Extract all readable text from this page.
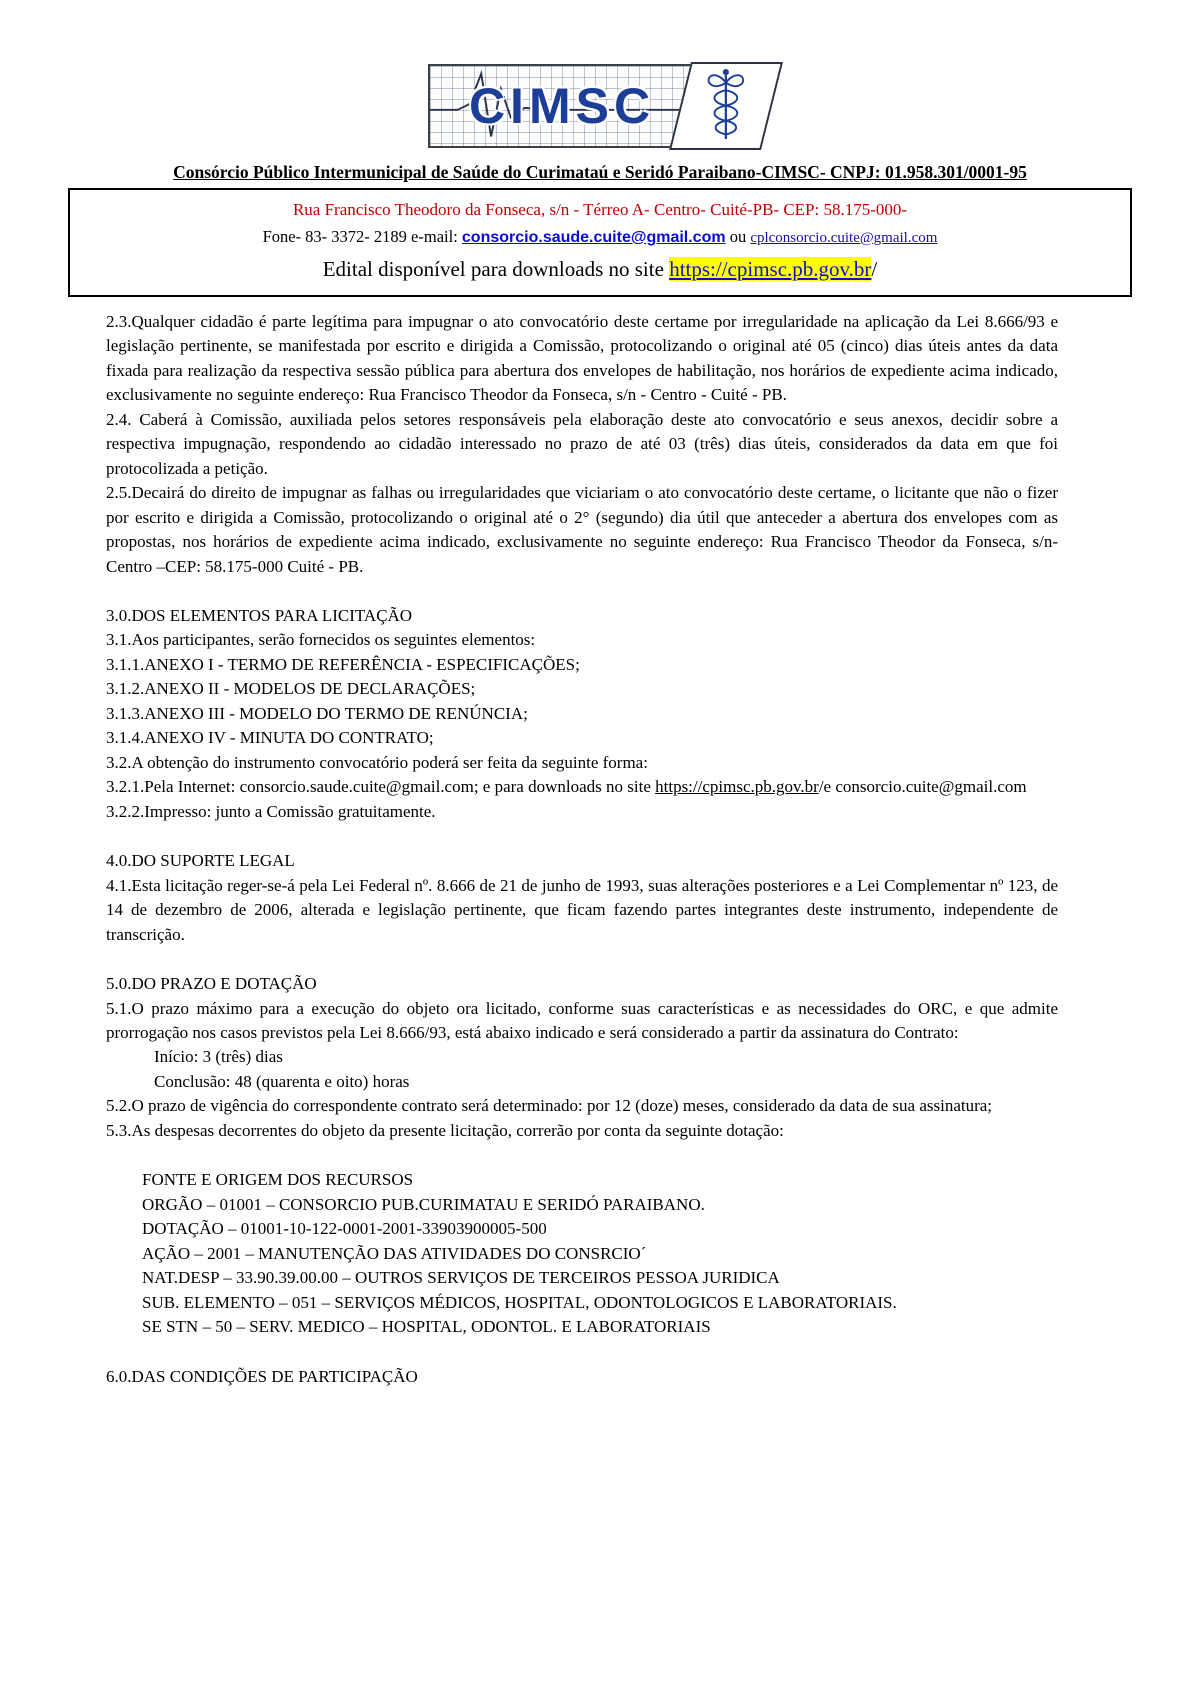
CIMSC
Consórcio Público Intermunicipal de Saúde do Curimataú e Seridó Paraibano-CIMSC- CNPJ: 01.958.301/0001-95
Rua Francisco Theodoro da Fonseca, s/n - Térreo A- Centro- Cuité-PB- CEP: 58.175-000-
Fone- 83- 3372- 2189 e-mail: consorcio.saude.cuite@gmail.com ou cplconsorcio.cuite@gmail.com
Edital disponível para downloads no site https://cpimsc.pb.gov.br/

2.3.Qualquer cidadão é parte legítima para impugnar o ato convocatório deste certame por irregularidade na aplicação da Lei 8.666/93 e legislação pertinente, se manifestada por escrito e dirigida a Comissão, protocolizando o original até 05 (cinco) dias úteis antes da data fixada para realização da respectiva sessão pública para abertura dos envelopes de habilitação, nos horários de expediente acima indicado, exclusivamente no seguinte endereço: Rua Francisco Theodor da Fonseca, s/n - Centro - Cuité - PB.

2.4. Caberá à Comissão, auxiliada pelos setores responsáveis pela elaboração deste ato convocatório e seus anexos, decidir sobre a respectiva impugnação, respondendo ao cidadão interessado no prazo de até 03 (três) dias úteis, considerados da data em que foi protocolizada a petição.

2.5.Decairá do direito de impugnar as falhas ou irregularidades que viciariam o ato convocatório deste certame, o licitante que não o fizer por escrito e dirigida a Comissão, protocolizando o original até o 2° (segundo) dia útil que anteceder a abertura dos envelopes com as propostas, nos horários de expediente acima indicado, exclusivamente no seguinte endereço: Rua Francisco Theodor da Fonseca, s/n- Centro –CEP: 58.175-000 Cuité - PB.

3.0.DOS ELEMENTOS PARA LICITAÇÃO

3.1.Aos participantes, serão fornecidos os seguintes elementos:

3.1.1.ANEXO I - TERMO DE REFERÊNCIA - ESPECIFICAÇÕES;

3.1.2.ANEXO II - MODELOS DE DECLARAÇÕES;

3.1.3.ANEXO III - MODELO DO TERMO DE RENÚNCIA;

3.1.4.ANEXO IV - MINUTA DO CONTRATO;

3.2.A obtenção do instrumento convocatório poderá ser feita da seguinte forma:

3.2.1.Pela Internet: consorcio.saude.cuite@gmail.com; e para downloads no site https://cpimsc.pb.gov.br/e consorcio.cuite@gmail.com

3.2.2.Impresso: junto a Comissão gratuitamente.

4.0.DO SUPORTE LEGAL

4.1.Esta licitação reger-se-á pela Lei Federal nº. 8.666 de 21 de junho de 1993, suas alterações posteriores e a Lei Complementar nº 123, de 14 de dezembro de 2006, alterada e legislação pertinente, que ficam fazendo partes integrantes deste instrumento, independente de transcrição.

5.0.DO PRAZO E DOTAÇÃO

5.1.O prazo máximo para a execução do objeto ora licitado, conforme suas características e as necessidades do ORC, e que admite prorrogação nos casos previstos pela Lei 8.666/93, está abaixo indicado e será considerado a partir da assinatura do Contrato:

Início: 3 (três) dias

Conclusão: 48 (quarenta e oito) horas

5.2.O prazo de vigência do correspondente contrato será determinado: por 12 (doze) meses, considerado da data de sua assinatura;

5.3.As despesas decorrentes do objeto da presente licitação, correrão por conta da seguinte dotação:

FONTE E ORIGEM DOS RECURSOS

ORGÃO – 01001 – CONSORCIO PUB.CURIMATAU E SERIDÓ PARAIBANO.

DOTAÇÃO – 01001-10-122-0001-2001-33903900005-500

AÇÃO – 2001 – MANUTENÇÃO DAS ATIVIDADES DO CONSRCIO´

NAT.DESP – 33.90.39.00.00 – OUTROS SERVIÇOS DE TERCEIROS PESSOA JURIDICA

SUB. ELEMENTO – 051 – SERVIÇOS MÉDICOS, HOSPITAL, ODONTOLOGICOS E LABORATORIAIS.

SE STN – 50 – SERV. MEDICO – HOSPITAL, ODONTOL. E LABORATORIAIS

6.0.DAS CONDIÇÕES DE PARTICIPAÇÃO
